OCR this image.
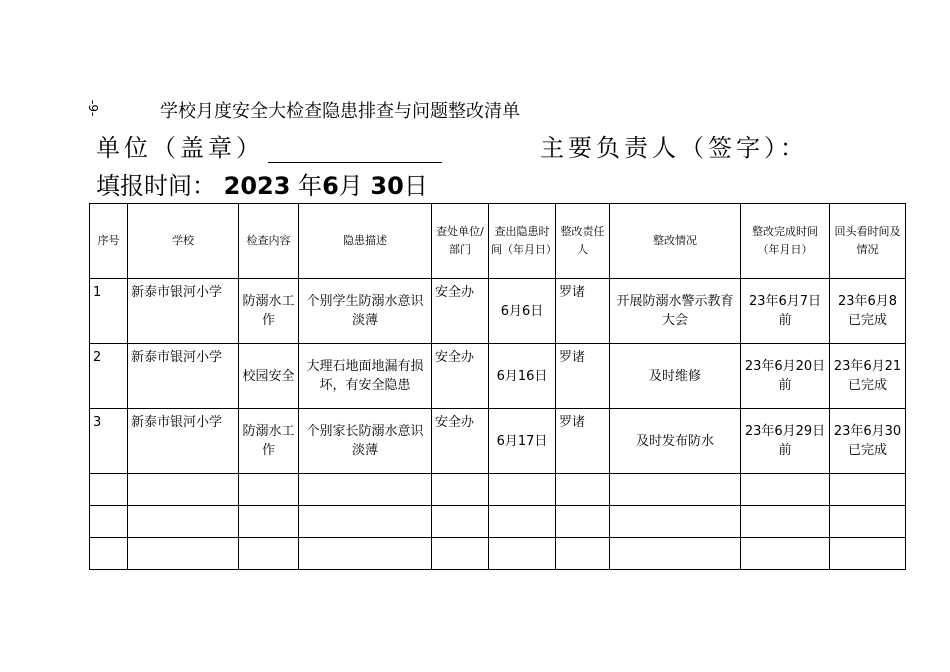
-9-	学校月度安全大检查隐患排查与问题整改清单
单位（盖章）	主要负责人（签字）：
填报时间： 2023 年6月 30日
序号	学校	检查内容	隐患描述	查处单位/部门	查出隐患时间（年月日）	整改责任人	整改情况	整改完成时间（年月日）	回头看时间及情况
1	新泰市银河小学	防溺水工作	个别学生防溺水意识淡薄	安全办	6月6日	罗诸	开展防溺水警示教育大会	23年6月7日前	23年6月8已完成
2	新泰市银河小学	校园安全	大理石地面地漏有损坏，有安全隐患	安全办	6月16日	罗诸	及时维修	23年6月20日前	23年6月21已完成
3	新泰市银河小学	防溺水工作	个别家长防溺水意识淡薄	安全办	6月17日	罗诸	及时发布防水	23年6月29日前	23年6月30已完成
